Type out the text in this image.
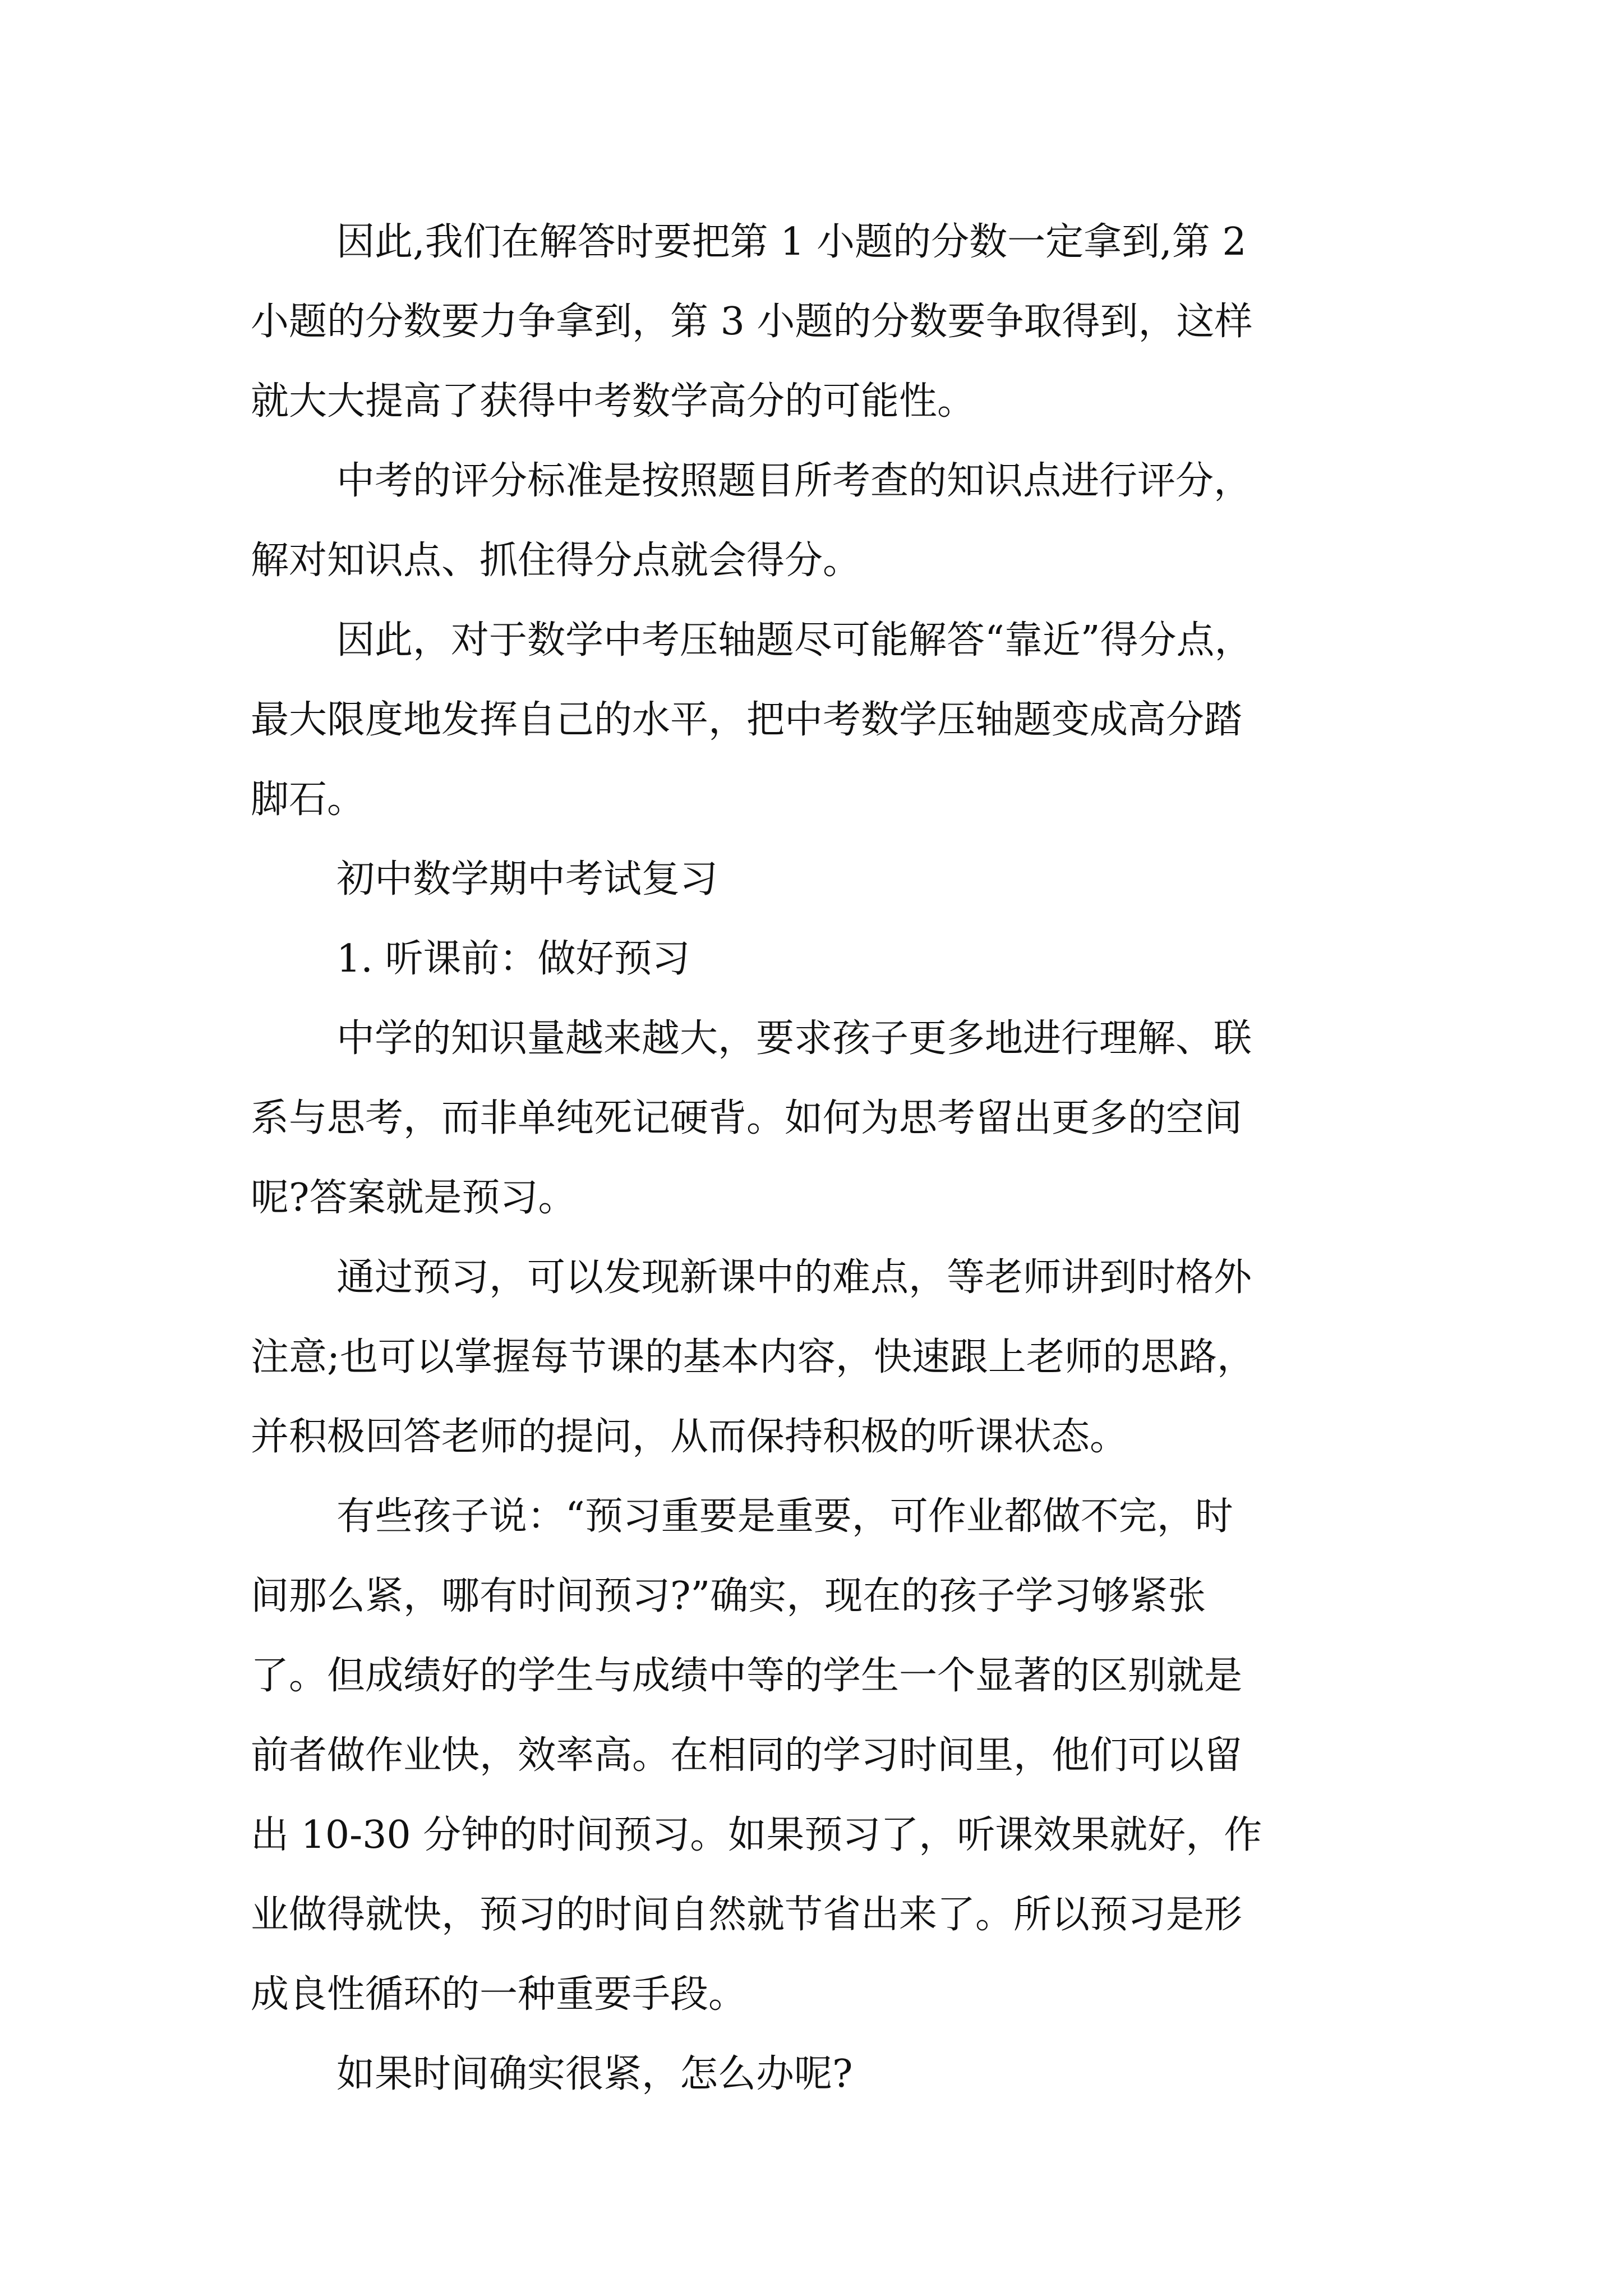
因此,我们在解答时要把第 1 小题的分数一定拿到,第 2
小题的分数要力争拿到，第 3 小题的分数要争取得到，这样
就大大提高了获得中考数学高分的可能性。
中考的评分标准是按照题目所考查的知识点进行评分，
解对知识点、抓住得分点就会得分。
因此，对于数学中考压轴题尽可能解答“靠近”得分点，
最大限度地发挥自己的水平，把中考数学压轴题变成高分踏
脚石。
初中数学期中考试复习
1. 听课前：做好预习
中学的知识量越来越大，要求孩子更多地进行理解、联
系与思考，而非单纯死记硬背。如何为思考留出更多的空间
呢?答案就是预习。
通过预习，可以发现新课中的难点，等老师讲到时格外
注意;也可以掌握每节课的基本内容，快速跟上老师的思路，
并积极回答老师的提问，从而保持积极的听课状态。
有些孩子说：“预习重要是重要，可作业都做不完，时
间那么紧，哪有时间预习?”确实，现在的孩子学习够紧张
了。但成绩好的学生与成绩中等的学生一个显著的区别就是
前者做作业快，效率高。在相同的学习时间里，他们可以留
出 10-30 分钟的时间预习。如果预习了，听课效果就好，作
业做得就快，预习的时间自然就节省出来了。所以预习是形
成良性循环的一种重要手段。
如果时间确实很紧，怎么办呢?
